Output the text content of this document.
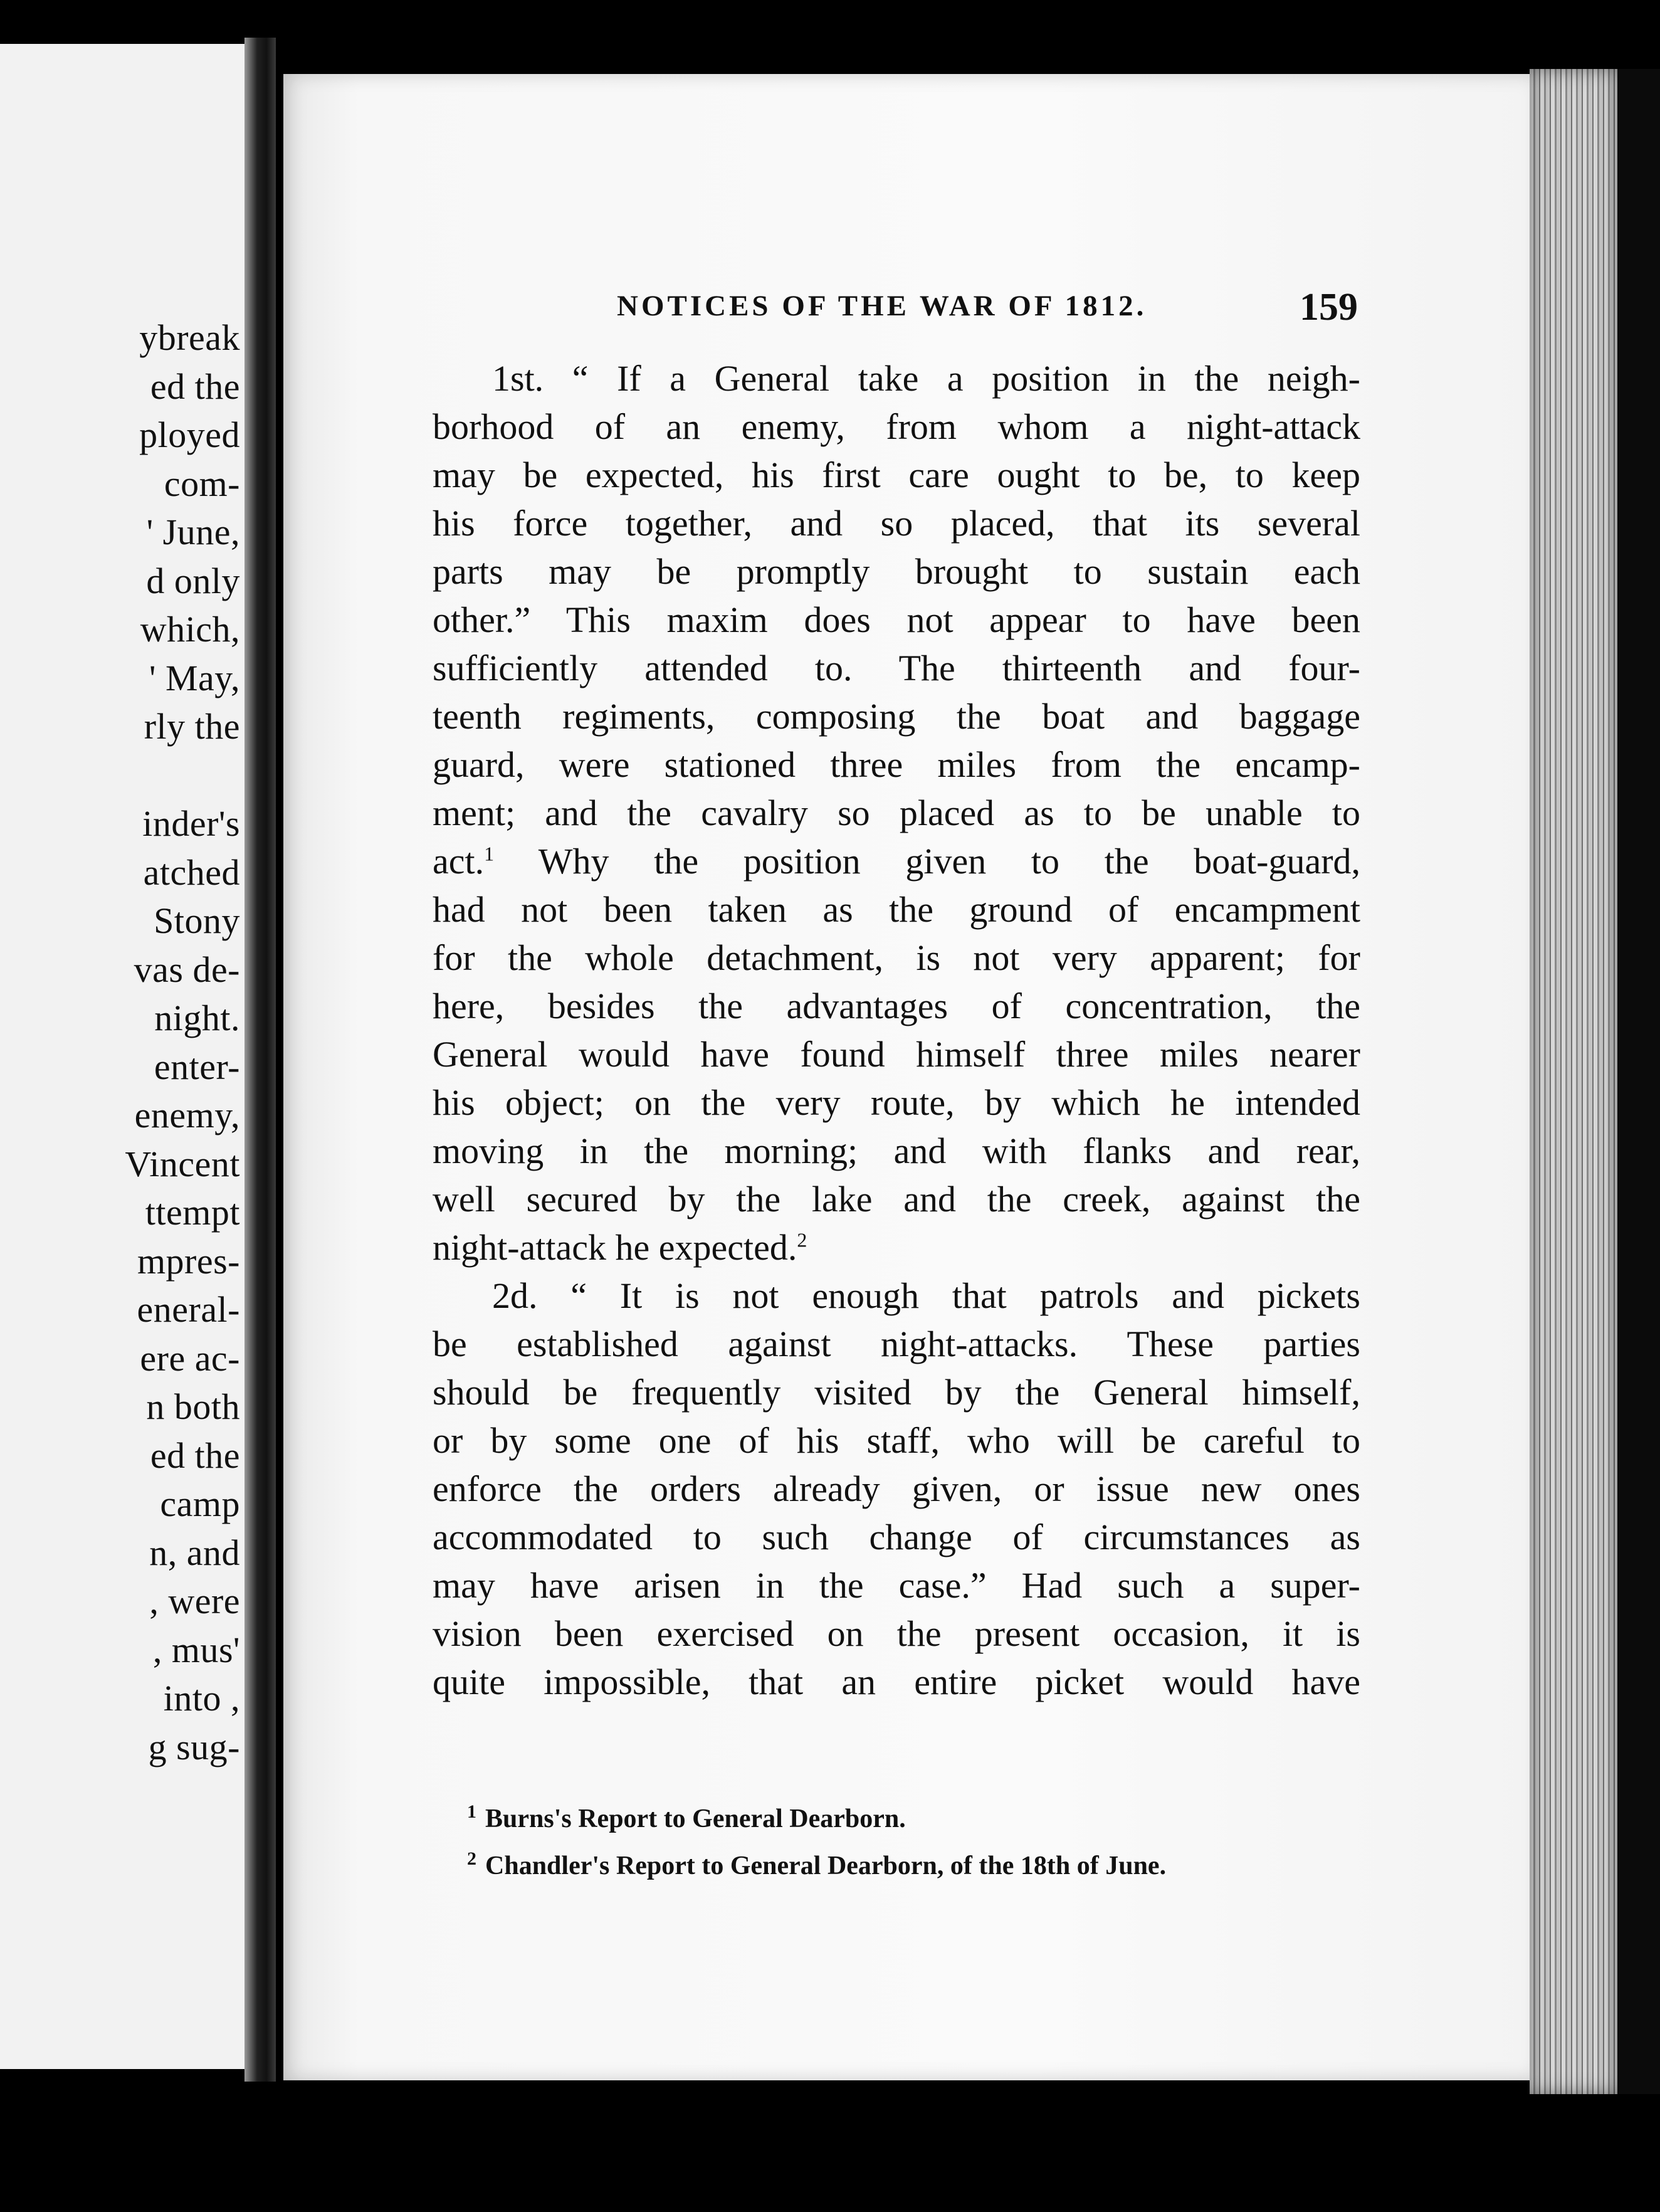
ybreak
ed the
ployed
com-
' June,
d only
which,
' May,
rly the
inder's
atched
Stony
vas de-
night.
enter-
enemy,
Vincent
ttempt
mpres-
eneral-
ere ac-
n both
ed the
camp
n, and
, were
, mus'
into ,
g sug-
NOTICES OF THE WAR OF 1812.	159
1st. “ If a General take a position in the neigh-
borhood of an enemy, from whom a night-attack
may be expected, his first care ought to be, to keep
his force together, and so placed, that its several
parts may be promptly brought to sustain each
other.” This maxim does not appear to have been
sufficiently attended to. The thirteenth and four-
teenth regiments, composing the boat and baggage
guard, were stationed three miles from the encamp-
ment; and the cavalry so placed as to be unable to
act.$^1$ Why the position given to the boat-guard,
had not been taken as the ground of encampment
for the whole detachment, is not very apparent; for
here, besides the advantages of concentration, the
General would have found himself three miles nearer
his object; on the very route, by which he intended
moving in the morning; and with flanks and rear,
well secured by the lake and the creek, against the
night-attack he expected.$^2$
2d. “ It is not enough that patrols and pickets
be established against night-attacks. These parties
should be frequently visited by the General himself,
or by some one of his staff, who will be careful to
enforce the orders already given, or issue new ones
accommodated to such change of circumstances as
may have arisen in the case.” Had such a super-
vision been exercised on the present occasion, it is
quite impossible, that an entire picket would have
$^1$ Burns's Report to General Dearborn.
$^2$ Chandler's Report to General Dearborn, of the 18th of June.
